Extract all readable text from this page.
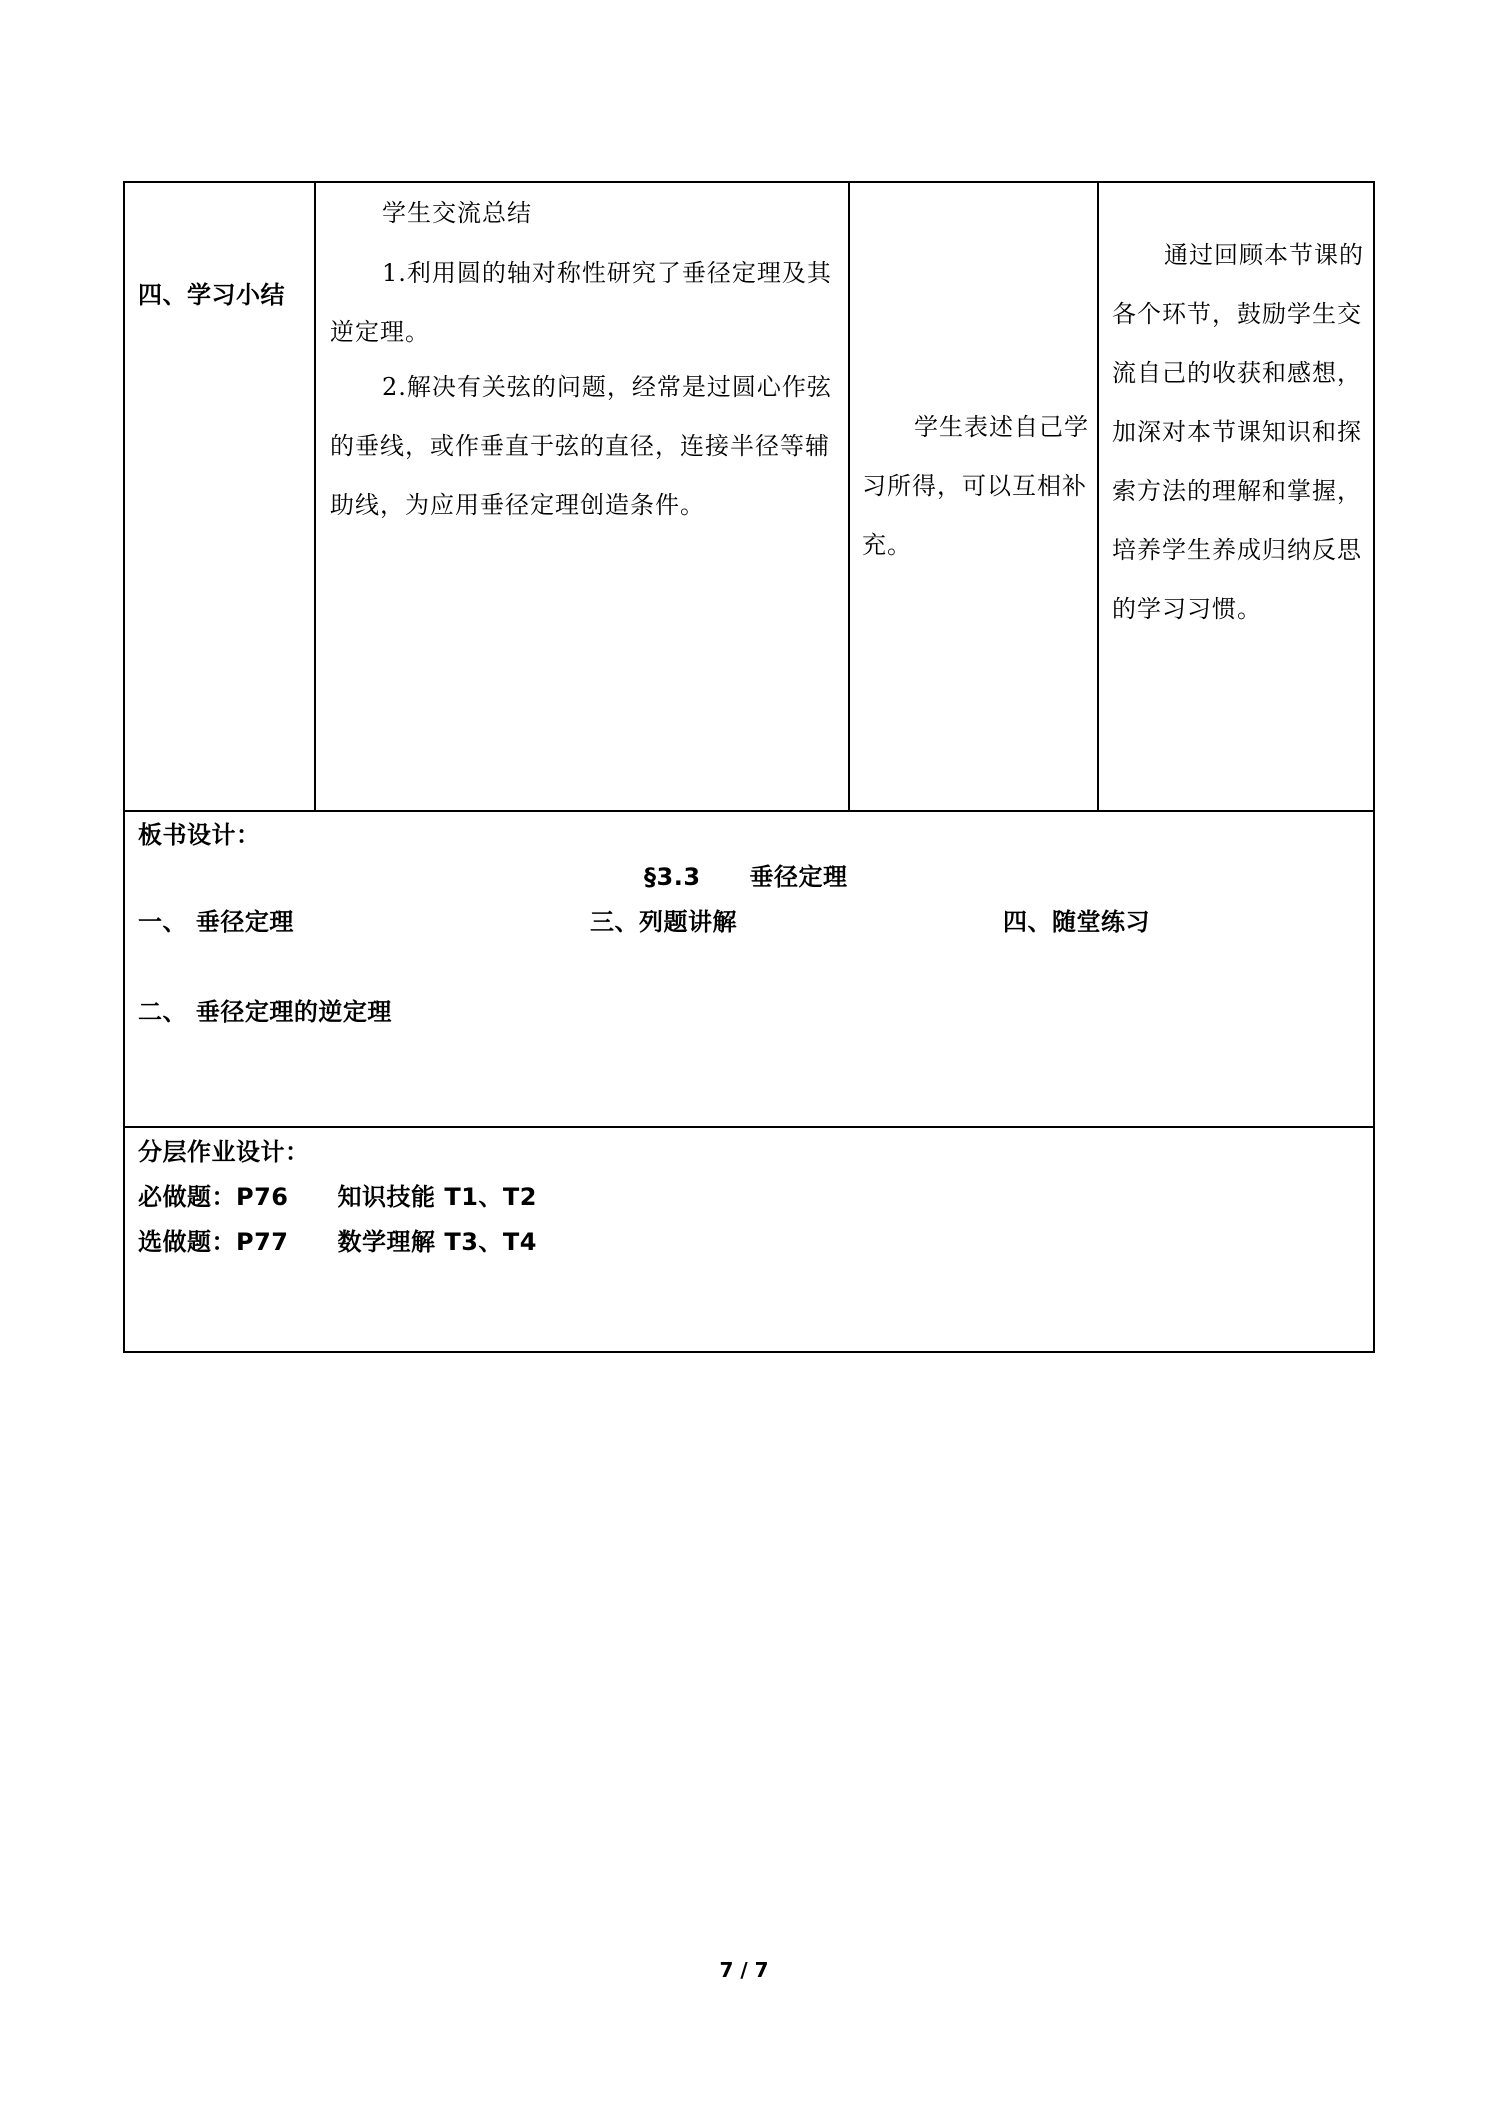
四、学习小结

学生交流总结

1.利用圆的轴对称性研究了垂径定理及其逆定理。

2.解决有关弦的问题，经常是过圆心作弦的垂线，或作垂直于弦的直径，连接半径等辅助线，为应用垂径定理创造条件。

学生表述自己学习所得，可以互相补充。

通过回顾本节课的各个环节，鼓励学生交流自己的收获和感想，加深对本节课知识和探索方法的理解和掌握，培养学生养成归纳反思的学习习惯。

板书设计：

§3.3　　垂径定理

一、 垂径定理	三、列题讲解	四、随堂练习

二、 垂径定理的逆定理

分层作业设计：

必做题：P76　　知识技能 T1、T2

选做题：P77　　数学理解 T3、T4

7 / 7
